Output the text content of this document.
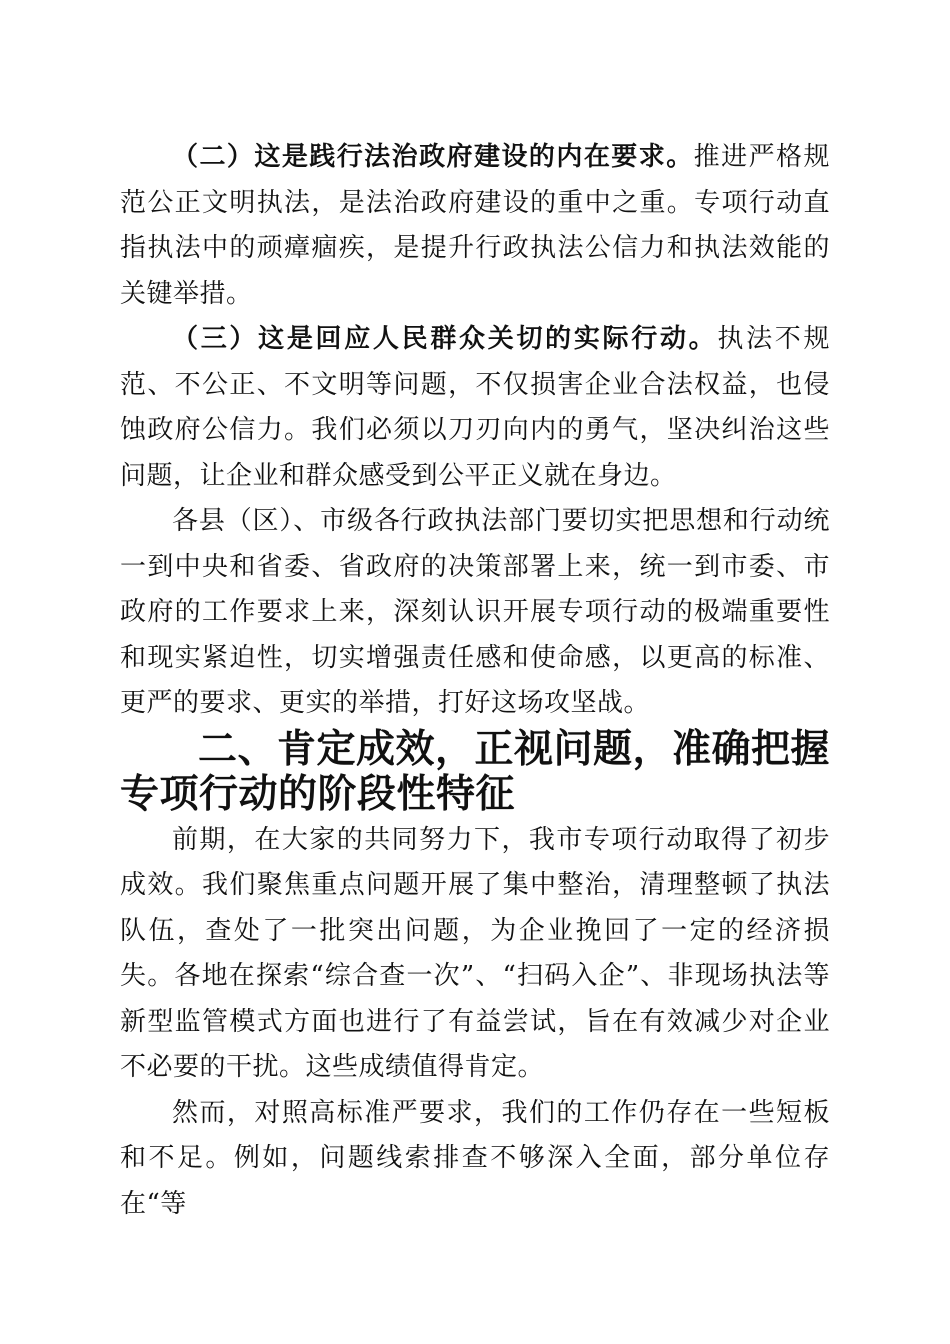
（二）这是践行法治政府建设的内在要求。推进严格规范公正文明执法，是法治政府建设的重中之重。专项行动直指执法中的顽瘴痼疾，是提升行政执法公信力和执法效能的关键举措。

（三）这是回应人民群众关切的实际行动。执法不规范、不公正、不文明等问题，不仅损害企业合法权益，也侵蚀政府公信力。我们必须以刀刃向内的勇气，坚决纠治这些问题，让企业和群众感受到公平正义就在身边。

各县（区）、市级各行政执法部门要切实把思想和行动统一到中央和省委、省政府的决策部署上来，统一到市委、市政府的工作要求上来，深刻认识开展专项行动的极端重要性和现实紧迫性，切实增强责任感和使命感，以更高的标准、更严的要求、更实的举措，打好这场攻坚战。

二、肯定成效，正视问题，准确把握专项行动的阶段性特征

前期，在大家的共同努力下，我市专项行动取得了初步成效。我们聚焦重点问题开展了集中整治，清理整顿了执法队伍，查处了一批突出问题，为企业挽回了一定的经济损失。各地在探索“综合查一次”、“扫码入企”、非现场执法等新型监管模式方面也进行了有益尝试，旨在有效减少对企业不必要的干扰。这些成绩值得肯定。

然而，对照高标准严要求，我们的工作仍存在一些短板和不足。例如，问题线索排查不够深入全面，部分单位存在“等
